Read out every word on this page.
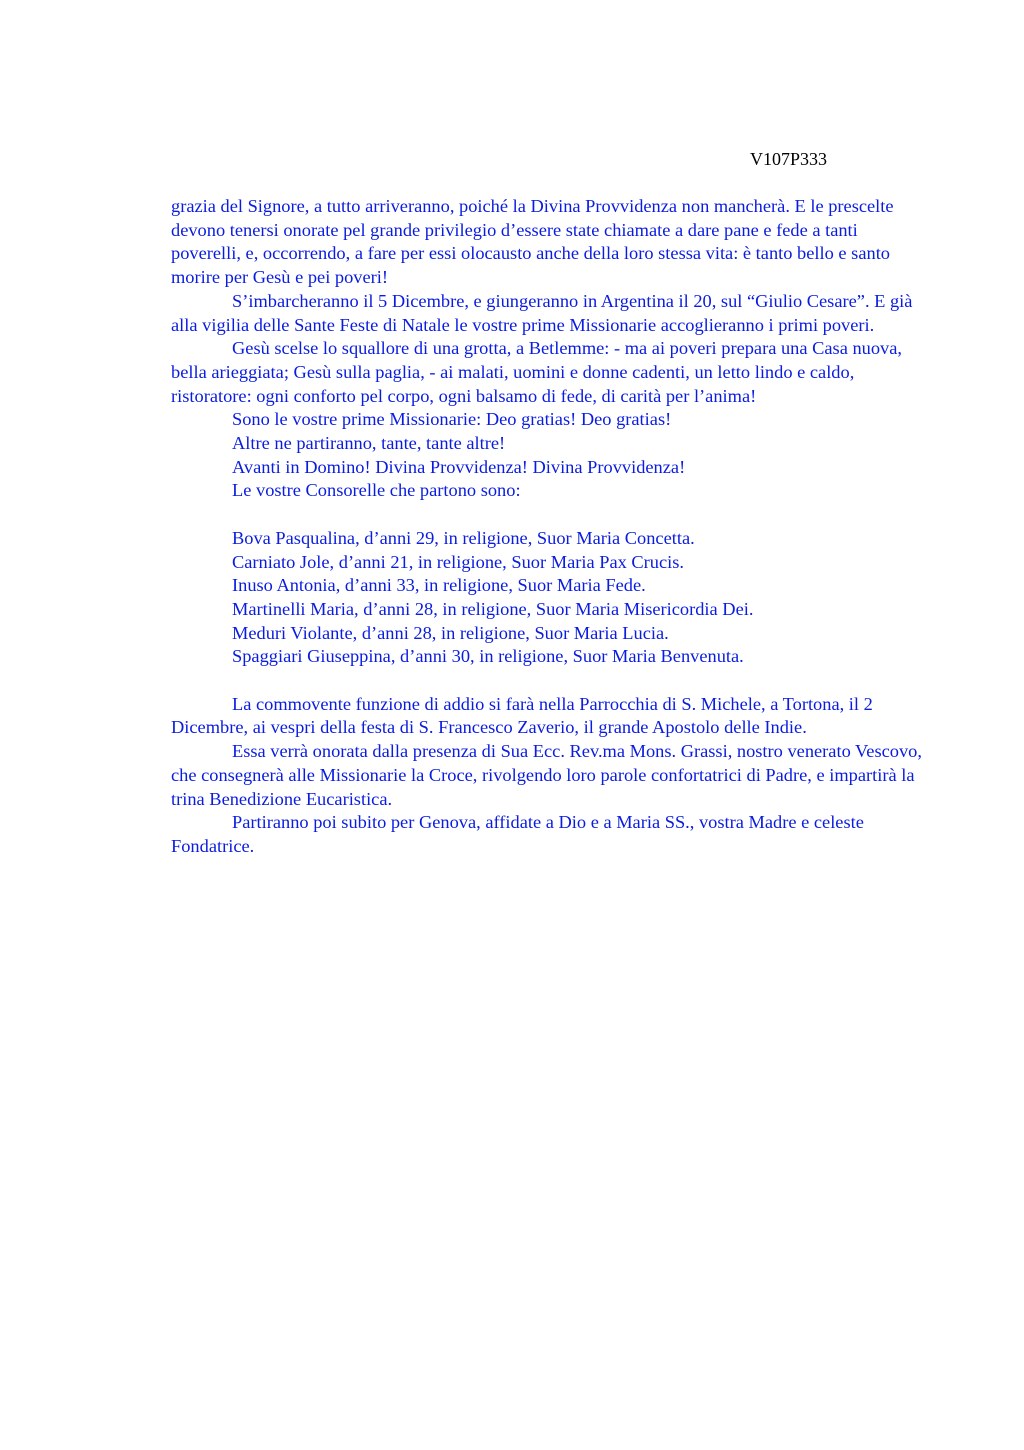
V107P333

grazia del Signore, a tutto arriveranno, poiché la Divina Provvidenza non mancherà. E le prescelte devono tenersi onorate pel grande privilegio d’essere state chiamate a dare pane e fede a tanti poverelli, e, occorrendo, a fare per essi olocausto anche della loro stessa vita: è tanto bello e santo morire per Gesù e pei poveri!

S’imbarcheranno il 5 Dicembre, e giungeranno in Argentina il 20, sul “Giulio Cesare”. E già alla vigilia delle Sante Feste di Natale le vostre prime Missionarie accoglieranno i primi poveri.

Gesù scelse lo squallore di una grotta, a Betlemme: - ma ai poveri prepara una Casa nuova, bella arieggiata; Gesù sulla paglia, - ai malati, uomini e donne cadenti, un letto lindo e caldo, ristoratore: ogni conforto pel corpo, ogni balsamo di fede, di carità per l’anima!

Sono le vostre prime Missionarie: Deo gratias! Deo gratias!

Altre ne partiranno, tante, tante altre!

Avanti in Domino! Divina Provvidenza! Divina Provvidenza!

Le vostre Consorelle che partono sono:

Bova Pasqualina, d’anni 29, in religione, Suor Maria Concetta.
Carniato Jole, d’anni 21, in religione, Suor Maria Pax Crucis.
Inuso Antonia, d’anni 33, in religione, Suor Maria Fede.
Martinelli Maria, d’anni 28, in religione, Suor Maria Misericordia Dei.
Meduri Violante, d’anni 28, in religione, Suor Maria Lucia.
Spaggiari Giuseppina, d’anni 30, in religione, Suor Maria Benvenuta.

La commovente funzione di addio si farà nella Parrocchia di S. Michele, a Tortona, il 2 Dicembre, ai vespri della festa di S. Francesco Zaverio, il grande Apostolo delle Indie.

Essa verrà onorata dalla presenza di Sua Ecc. Rev.ma Mons. Grassi, nostro venerato Vescovo, che consegnerà alle Missionarie la Croce, rivolgendo loro parole confortatrici di Padre, e impartirà la trina Benedizione Eucaristica.

Partiranno poi subito per Genova, affidate a Dio e a Maria SS., vostra Madre e celeste Fondatrice.
